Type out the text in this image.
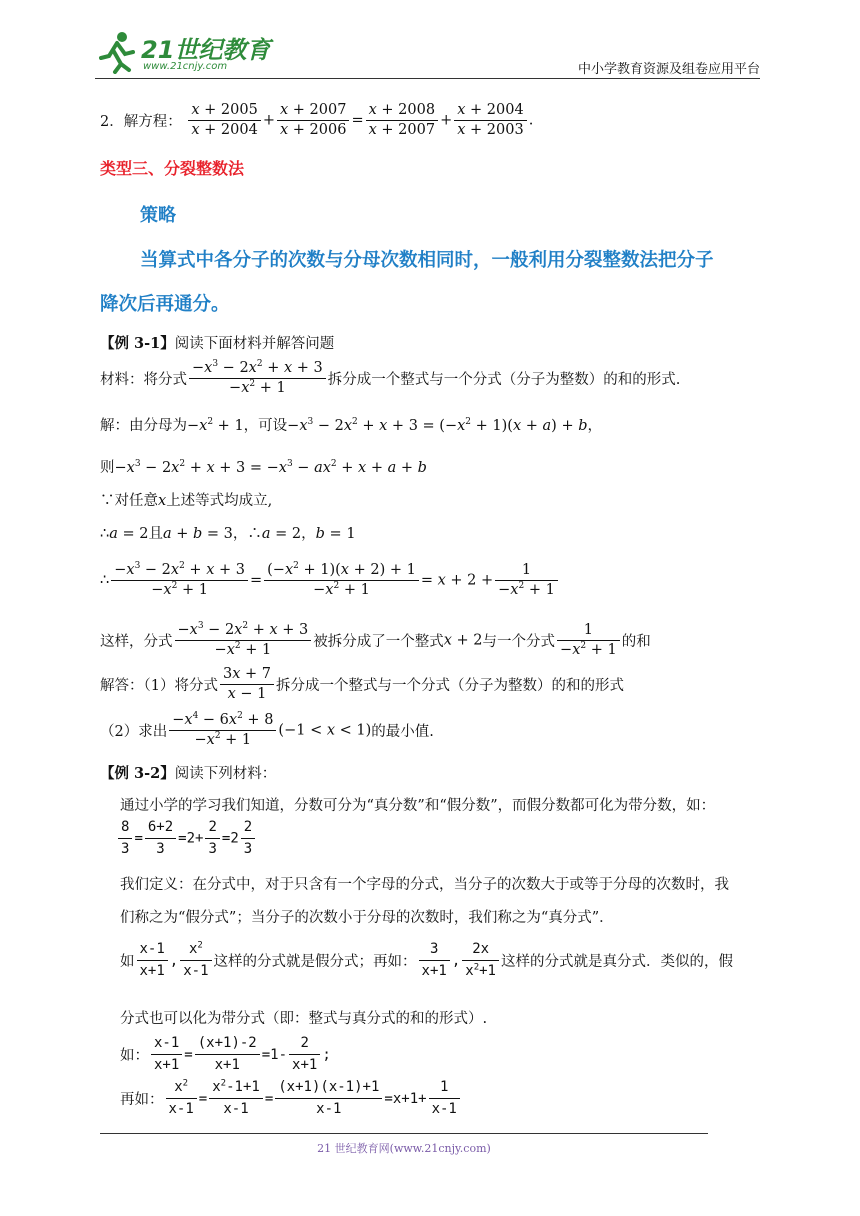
21世纪教育
www.21cnjy.com	中小学教育资源及组卷应用平台
2．解方程： $\frac{x + 2005}{x + 2004} + \frac{x + 2007}{x + 2006} = \frac{x + 2008}{x + 2007} + \frac{x + 2004}{x + 2003}$ .
类型三、分裂整数法
策略
当算式中各分子的次数与分母次数相同时，一般利用分裂整数法把分子
降次后再通分。
【例 3-1】阅读下面材料并解答问题
材料：将分式 $\frac{-x^3 - 2x^2 + x + 3}{-x^2 + 1}$ 拆分成一个整式与一个分式（分子为整数）的和的形式.
解：由分母为$-x^2 + 1$，可设$-x^3 - 2x^2 + x + 3 = (-x^2 + 1)(x + a) + b$，
则$-x^3 - 2x^2 + x + 3 = -x^3 - ax^2 + x + a + b$
∵对任意x上述等式均成立,
∴a = 2且a + b = 3，∴a = 2，b = 1
∴ $\frac{-x^3 - 2x^2 + x + 3}{-x^2 + 1} = \frac{(-x^2 + 1)(x + 2) + 1}{-x^2 + 1} = x + 2 + \frac{1}{-x^2 + 1}$
这样，分式 $\frac{-x^3 - 2x^2 + x + 3}{-x^2 + 1}$ 被拆分成了一个整式x + 2与一个分式 $\frac{1}{-x^2 + 1}$ 的和
解答：（1）将分式 $\frac{3x + 7}{x - 1}$ 拆分成一个整式与一个分式（分子为整数）的和的形式
（2）求出 $\frac{-x^4 - 6x^2 + 8}{-x^2 + 1} (-1 < x < 1)$的最小值.
【例 3-2】阅读下列材料：
通过小学的学习我们知道，分数可分为“真分数”和“假分数”，而假分数都可化为带分数，如：
$\frac{8}{3} = \frac{6+2}{3} =2+ \frac{2}{3} =2 \frac{2}{3}$
我们定义：在分式中，对于只含有一个字母的分式，当分子的次数大于或等于分母的次数时，我
们称之为“假分式”；当分子的次数小于分母的次数时，我们称之为“真分式”．
如 $\frac{x-1}{x+1}$ , $\frac{x^2}{x-1}$ 这样的分式就是假分式；再如： $\frac{3}{x+1}$ , $\frac{2x}{x^2+1}$ 这样的分式就是真分式．类似的，假
分式也可以化为带分式（即：整式与真分式的和的形式）.
如： $\frac{x-1}{x+1} = \frac{(x+1)-2}{x+1} =1- \frac{2}{x+1}$ ;
再如： $\frac{x^2}{x-1} = \frac{x^2-1+1}{x-1} = \frac{(x+1)(x-1)+1}{x-1} =x+1+ \frac{1}{x-1}$
21 世纪教育网(www.21cnjy.com)
